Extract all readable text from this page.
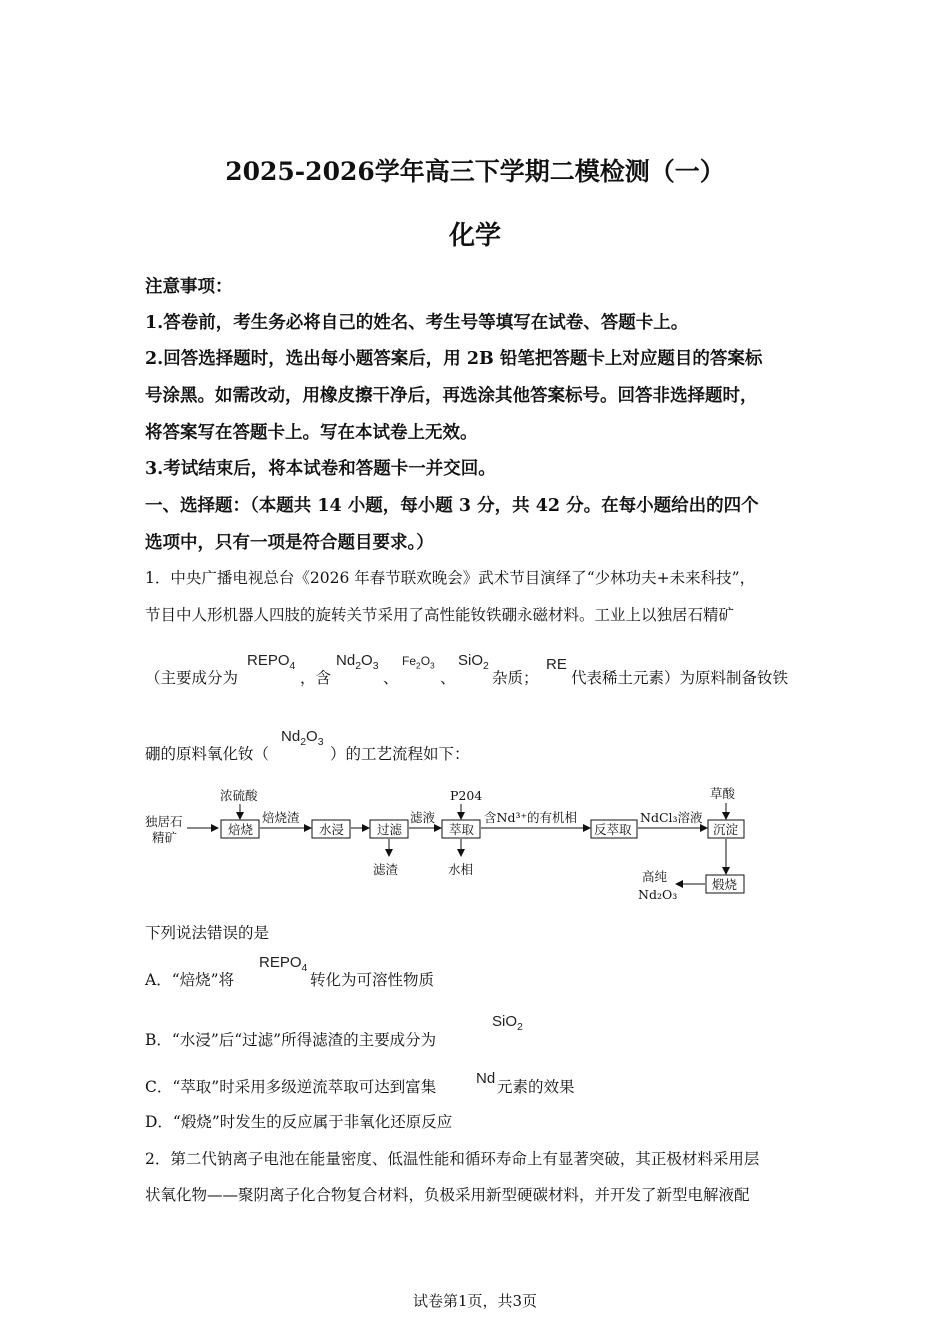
2025-2026学年高三下学期二模检测（一）
化学
注意事项：
1.答卷前，考生务必将自己的姓名、考生号等填写在试卷、答题卡上。
2.回答选择题时，选出每小题答案后，用 2B 铅笔把答题卡上对应题目的答案标
号涂黑。如需改动，用橡皮擦干净后，再选涂其他答案标号。回答非选择题时，
将答案写在答题卡上。写在本试卷上无效。
3.考试结束后，将本试卷和答题卡一并交回。
一、选择题：（本题共 14 小题，每小题 3 分，共 42 分。在每小题给出的四个
选项中，只有一项是符合题目要求。）
1．中央广播电视总台《2026 年春节联欢晚会》武术节目演绎了“少林功夫+未来科技”，
节目中人形机器人四肢的旋转关节采用了高性能钕铁硼永磁材料。工业上以独居石精矿
（主要成分为
$REPO_4$
，含
$Nd_2O_3$
、
$Fe_2O_3$
、
SiO$_2$
杂质；
RE
代表稀土元素）为原料制备钕铁
硼的原料氧化钕（
$Nd_2O_3$
）的工艺流程如下：
独居石
精矿
浓硫酸
焙烧
焙烧渣
水浸	过滤
滤渣
滤液
P204
萃取
水相
含Nd³⁺的有机相
反萃取
NdCl₃溶液
草酸
沉淀
煅烧
高纯
Nd₂O₃
下列说法错误的是
A．“焙烧”将
$REPO_4$
转化为可溶性物质
B．“水浸”后“过滤”所得滤渣的主要成分为
SiO$_2$
C．“萃取”时采用多级逆流萃取可达到富集	Nd 元素的效果
D．“煅烧”时发生的反应属于非氧化还原反应
2．第二代钠离子电池在能量密度、低温性能和循环寿命上有显著突破，其正极材料采用层
状氧化物——聚阴离子化合物复合材料，负极采用新型硬碳材料，并开发了新型电解液配
试卷第1页，共3页
